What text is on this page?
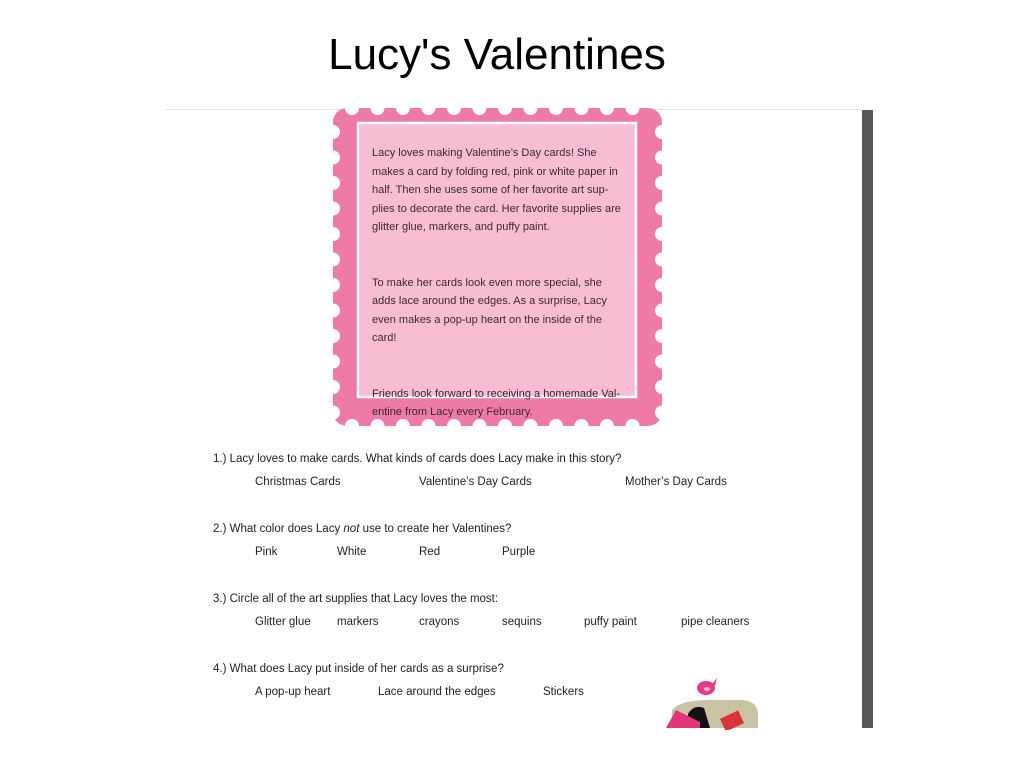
Lucy's Valentines

Lacy loves making Valentine’s Day cards! She makes a card by folding red, pink or white paper in half. Then she uses some of her favorite art sup-plies to decorate the card. Her favorite supplies are glitter glue, markers, and puffy paint.

To make her cards look even more special, she adds lace around the edges. As a surprise, Lacy even makes a pop-up heart on the inside of the card!

Friends look forward to receiving a homemade Val-entine from Lacy every February.

1.) Lacy loves to make cards. What kinds of cards does Lacy make in this story?
Christmas Cards	Valentine’s Day Cards	Mother’s Day Cards
2.) What color does Lacy not use to create her Valentines?
Pink	White	Red	Purple
3.) Circle all of the art supplies that Lacy loves the most:
Glitter glue markers	crayons	sequins	puffy paint	pipe cleaners
4.) What does Lacy put inside of her cards as a surprise?
A pop-up heart	Lace around the edges	Stickers
